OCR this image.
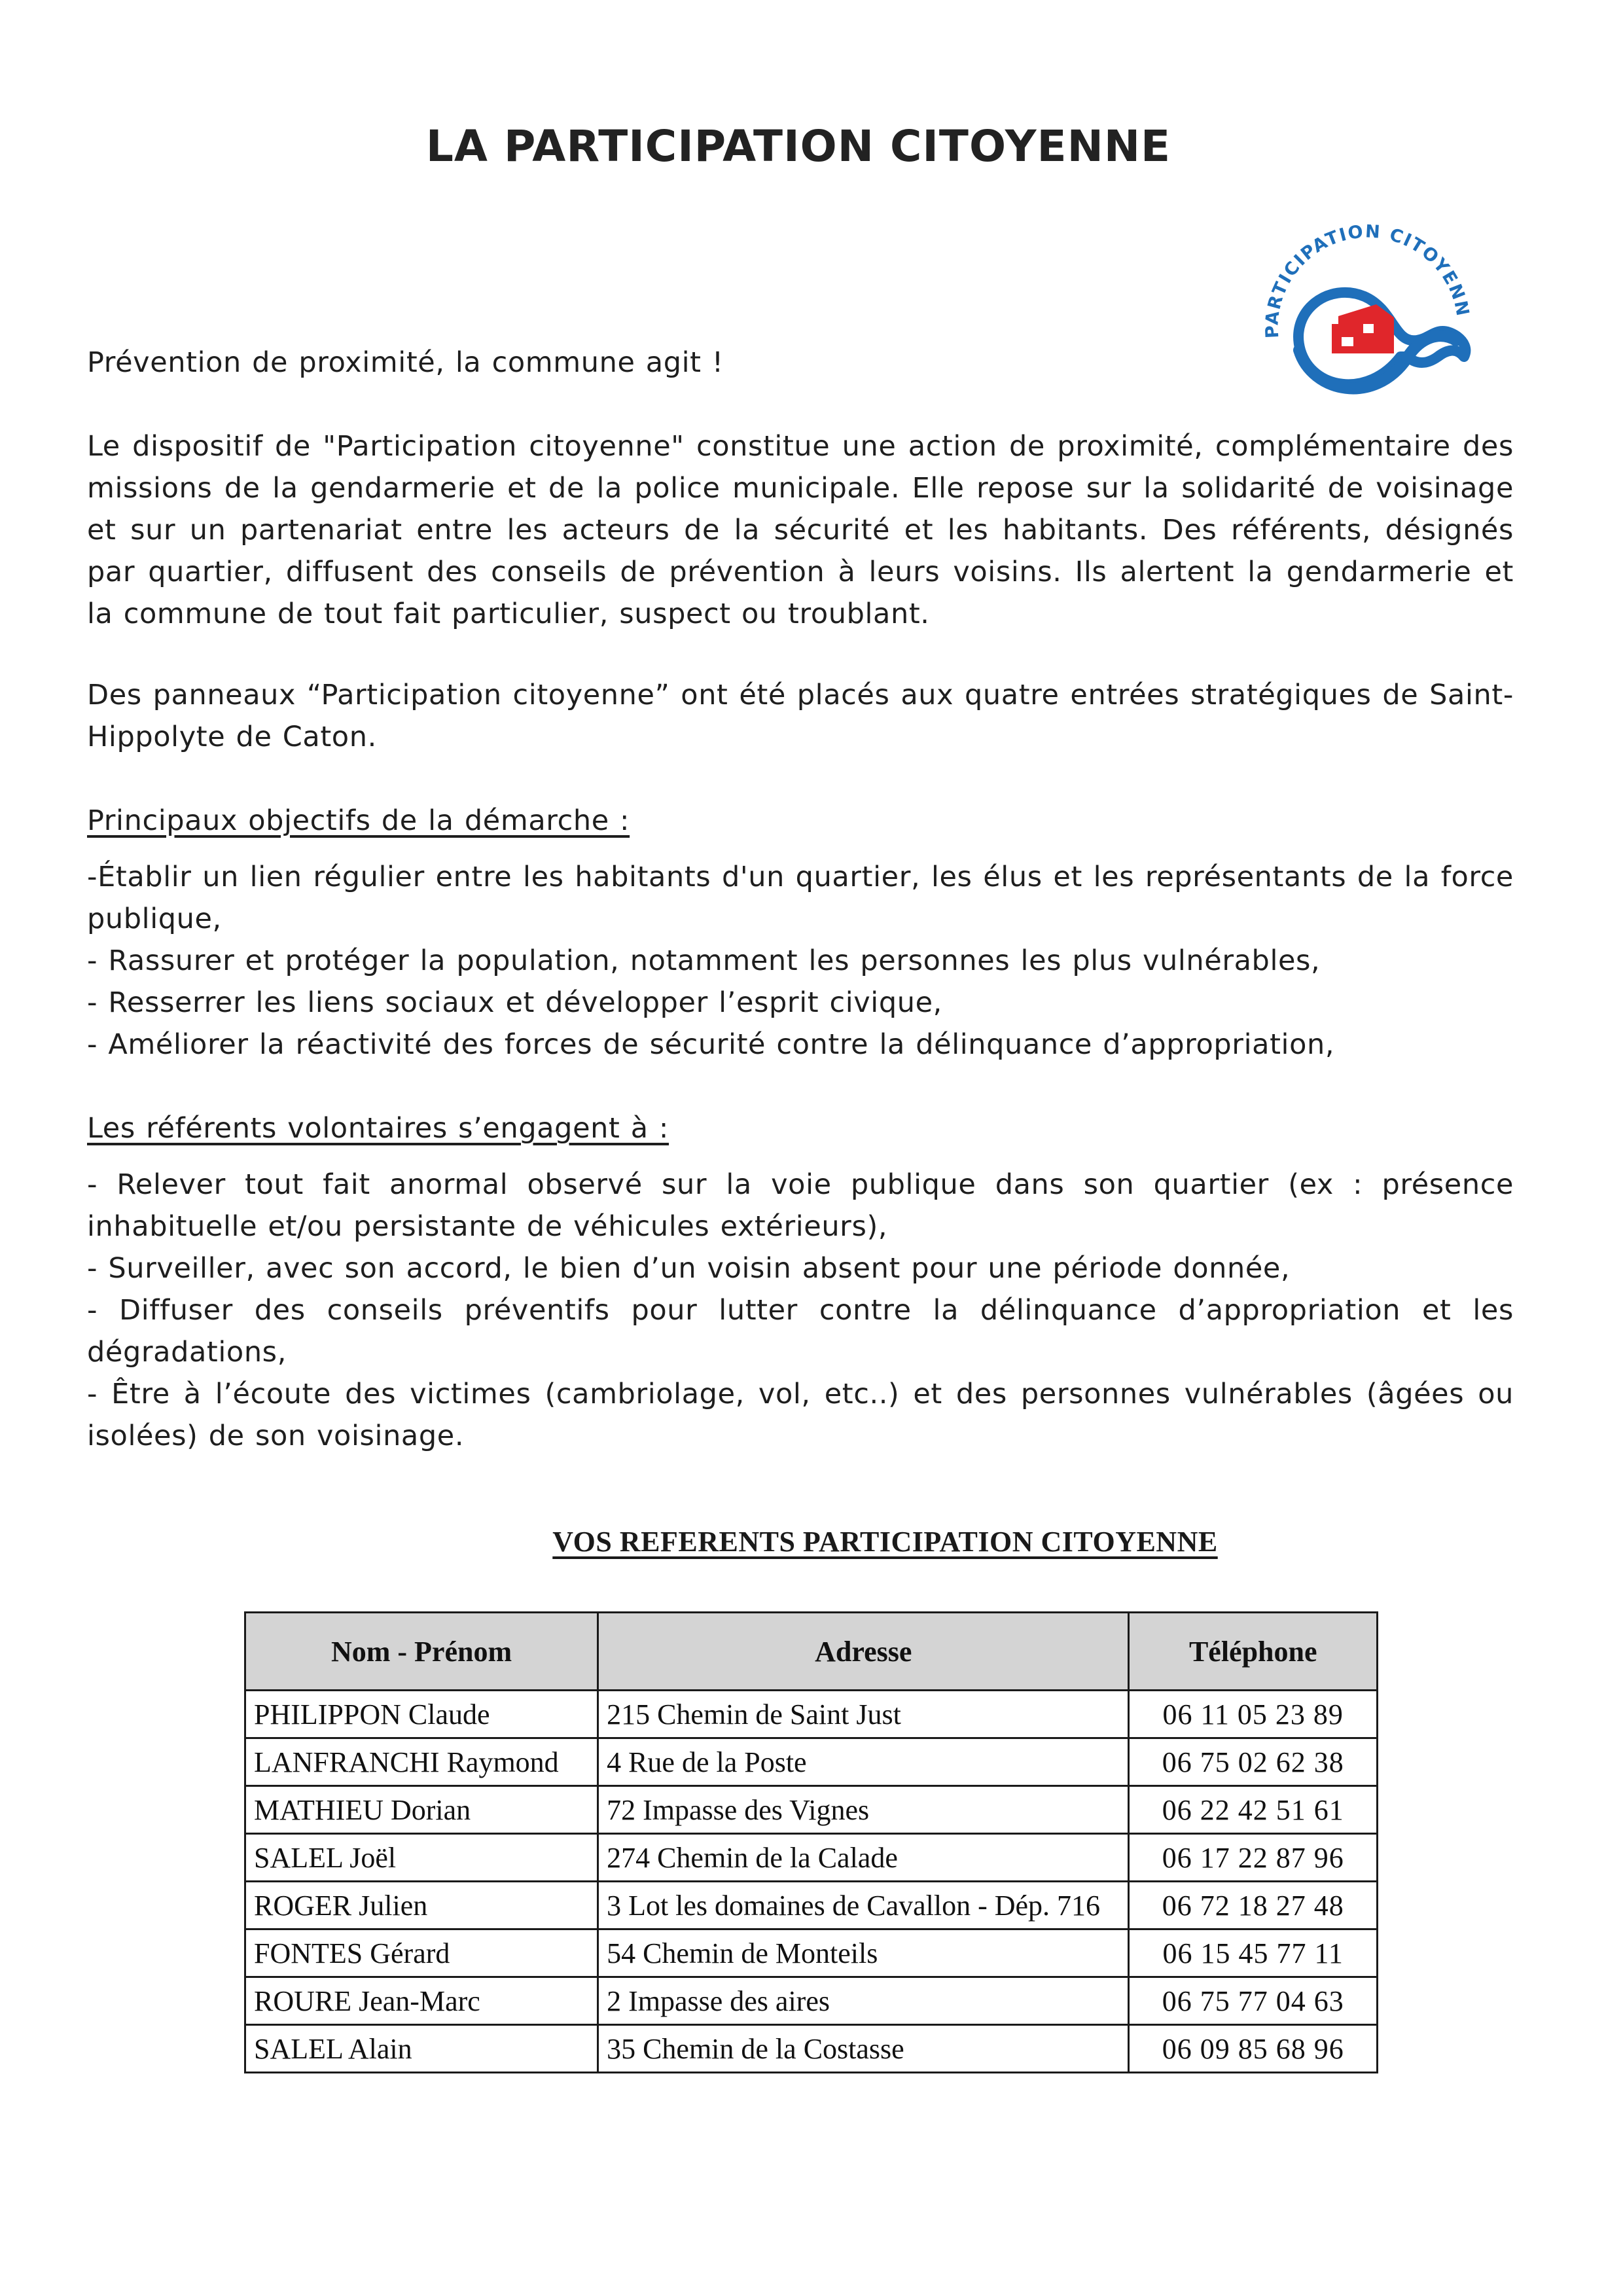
LA PARTICIPATION CITOYENNE
PARTICIPATION CITOYENN
Prévention de proximité, la commune agit !
Le dispositif de "Participation citoyenne" constitue une action de proximité, complémentaire des missions de la gendarmerie et de la police municipale. Elle repose sur la solidarité de voisinage et sur un partenariat entre les acteurs de la sécurité et les habitants. Des référents, désignés par quartier, diffusent des conseils de prévention à leurs voisins. Ils alertent la gendarmerie et la commune de tout fait particulier, suspect ou troublant.
Des panneaux “Participation citoyenne” ont été placés aux quatre entrées stratégiques de Saint-Hippolyte de Caton.
Principaux objectifs de la démarche :

-Établir un lien régulier entre les habitants d'un quartier, les élus et les représentants de la force publique,

- Rassurer et protéger la population, notamment les personnes les plus vulnérables,

- Resserrer les liens sociaux et développer l’esprit civique,

- Améliorer la réactivité des forces de sécurité contre la délinquance d’appropriation,

Les référents volontaires s’engagent à :

- Relever tout fait anormal observé sur la voie publique dans son quartier (ex : présence inhabituelle et/ou persistante de véhicules extérieurs),

- Surveiller, avec son accord, le bien d’un voisin absent pour une période donnée,

- Diffuser des conseils préventifs pour lutter contre la délinquance d’appropriation et les dégradations,

- Être à l’écoute des victimes (cambriolage, vol, etc..) et des personnes vulnérables (âgées ou isolées) de son voisinage.

VOS REFERENTS PARTICIPATION CITOYENNE
Nom - Prénom	Adresse	Téléphone
PHILIPPON Claude	215 Chemin de Saint Just	06 11 05 23 89
LANFRANCHI Raymond	4 Rue de la Poste	06 75 02 62 38
MATHIEU Dorian	72 Impasse des Vignes	06 22 42 51 61
SALEL Joël	274 Chemin de la Calade	06 17 22 87 96
ROGER Julien	3 Lot les domaines de Cavallon - Dép. 716	06 72 18 27 48
FONTES Gérard	54 Chemin de Monteils	06 15 45 77 11
ROURE Jean-Marc	2 Impasse des aires	06 75 77 04 63
SALEL Alain	35 Chemin de la Costasse	06 09 85 68 96
